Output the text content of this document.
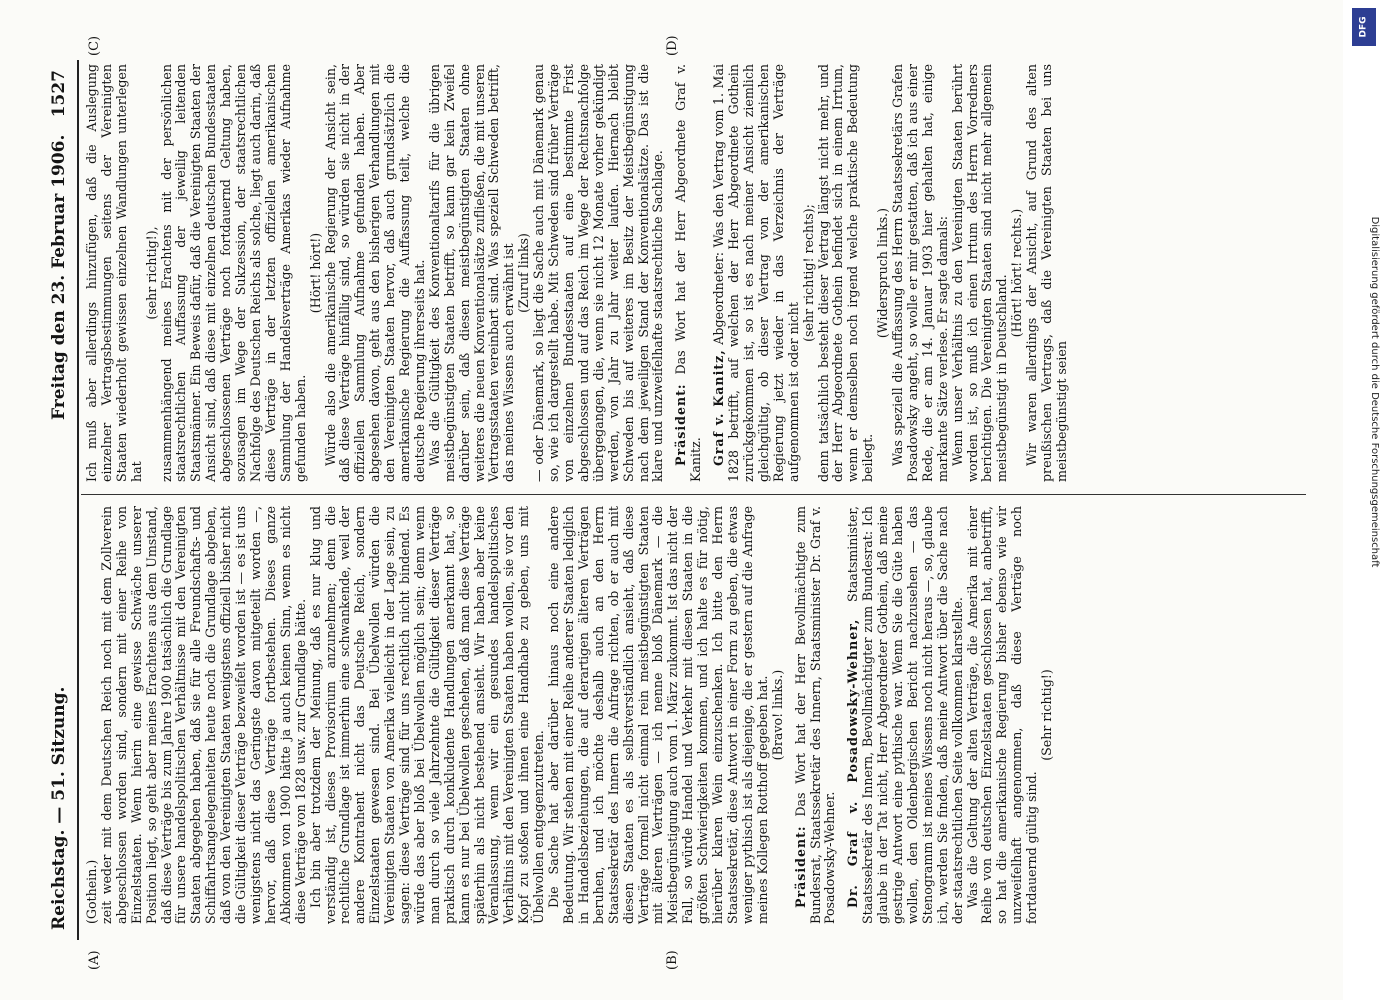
Reichstag. — 51. Sitzung.
Freitag den 23. Februar 1906.
1527
(A)	(B)
(C)	(D)

(Gothein.) zeit weder mit dem Deutschen Reich noch mit dem Zollverein abgeschlossen worden sind, sondern mit einer Reihe von Einzelstaaten. Wenn hierin eine gewisse Schwäche unserer Position liegt, so geht aber meines Erachtens aus dem Umstand, daß diese Verträge bis zum Jahre 1900 tatsächlich die Grundlage für unsere handelspolitischen Verhältnisse mit den Vereinigten Staaten abgegeben haben, daß sie für alle Freundschafts- und Schiffahrtsangelegenheiten heute noch die Grundlage abgeben, daß von den Vereinigten Staaten wenigstens offiziell bisher nicht die Gültigkeit dieser Verträge bezweifelt worden ist — es ist uns wenigstens nicht das Geringste davon mitgeteilt worden —, hervor, daß diese Verträge fortbestehen. Dieses ganze Abkommen von 1900 hätte ja auch keinen Sinn, wenn es nicht diese Verträge von 1828 usw. zur Grundlage hätte. Ich bin aber trotzdem der Meinung, daß es nur klug und verständig ist, dieses Provisorium anzunehmen; denn die rechtliche Grundlage ist immerhin eine schwankende, weil der andere Kontrahent nicht das Deutsche Reich, sondern Einzelstaaten gewesen sind. Bei Übelwollen würden die Vereinigten Staaten von Amerika vielleicht in der Lage sein, zu sagen: diese Verträge sind für uns rechtlich nicht bindend. Es würde das aber bloß bei Übelwollen möglich sein; denn wenn man durch so viele Jahrzehnte die Gültigkeit dieser Verträge praktisch durch konkludente Handlungen anerkannt hat, so kann es nur bei Übelwollen geschehen, daß man diese Verträge späterhin als nicht bestehend ansieht. Wir haben aber keine Veranlassung, wenn wir ein gesundes handelspolitisches Verhältnis mit den Vereinigten Staaten haben wollen, sie vor den Kopf zu stoßen und ihnen eine Handhabe zu geben, uns mit Übelwollen entgegenzutreten. Die Sache hat aber darüber hinaus noch eine andere Bedeutung. Wir stehen mit einer Reihe anderer Staaten lediglich in Handelsbeziehungen, die auf derartigen älteren Verträgen beruhen, und ich möchte deshalb auch an den Herrn Staatssekretär des Innern die Anfrage richten, ob er auch mit diesen Staaten es als selbstverständlich ansieht, daß diese Verträge formell nicht einmal rein meistbegünstigten Staaten mit älteren Verträgen — ich nenne bloß Dänemark — die Meistbegünstigung auch vom 1. März zukommt. Ist das nicht der Fall, so würde Handel und Verkehr mit diesen Staaten in die größten Schwierigkeiten kommen, und ich halte es für nötig, hierüber klaren Wein einzuschenken. Ich bitte den Herrn Staatssekretär, diese Antwort in einer Form zu geben, die etwas weniger pythisch ist als diejenige, die er gestern auf die Anfrage meines Kollegen Rotthoff gegeben hat. (Bravo! links.)

Präsident: Das Wort hat der Herr Bevollmächtigte zum Bundesrat, Staatssekretär des Innern, Staatsminister Dr. Graf v. Posadowsky-Wehner. Dr. Graf v. Posadowsky-Wehner, Staatsminister, Staatssekretär des Innern, Bevollmächtigter zum Bundesrat: Ich glaube in der Tat nicht, Herr Abgeordneter Gothein, daß meine gestrige Antwort eine pythische war. Wenn Sie die Güte haben wollen, den Oldenbergischen Bericht nachzusehen — das Stenogramm ist meines Wissens noch nicht heraus —, so, glaube ich, werden Sie finden, daß meine Antwort über die Sache nach der staatsrechtlichen Seite vollkommen klarstellte. Was die Geltung der alten Verträge, die Amerika mit einer Reihe von deutschen Einzelstaaten geschlossen hat, anbetrifft, so hat die amerikanische Regierung bisher ebenso wie wir unzweifelhaft angenommen, daß diese Verträge noch fortdauernd gültig sind.

(Sehr richtig!)

Ich muß aber allerdings hinzufügen, daß die Auslegung einzelner Vertragsbestimmungen seitens der Vereinigten Staaten wiederholt gewissen einzelnen Wandlungen unterlegen hat

(sehr richtig!), zusammenhängend meines Erachtens mit der persönlichen staatsrechtlichen Auffassung der jeweilig leitenden Staatsmänner. Ein Beweis dafür, daß die Vereinigten Staaten der Ansicht sind, daß diese mit einzelnen deutschen Bundesstaaten abgeschlossenen Verträge noch fortdauernd Geltung haben, sozusagen im Wege der Sukzession, der staatsrechtlichen Nachfolge des Deutschen Reichs als solche, liegt auch darin, daß diese Verträge in der letzten offiziellen amerikanischen Sammlung der Handelsverträge Amerikas wieder Aufnahme gefunden haben.

(Hört! hört!) Würde also die amerikanische Regierung der Ansicht sein, daß diese Verträge hinfällig sind, so würden sie nicht in der offiziellen Sammlung Aufnahme gefunden haben. Aber abgesehen davon, geht aus den bisherigen Verhandlungen mit den Vereinigten Staaten hervor, daß auch grundsätzlich die amerikanische Regierung die Auffassung teilt, welche die deutsche Regierung ihrerseits hat. Was die Gültigkeit des Konventionaltarifs für die übrigen meistbegünstigten Staaten betrifft, so kann gar kein Zweifel darüber sein, daß diesen meistbegünstigten Staaten ohne weiteres die neuen Konventionalsätze zufließen, die mit unseren Vertragsstaaten vereinbart sind. Was speziell Schweden betrifft, das meines Wissens auch erwähnt ist (Zuruf links) — oder Dänemark, so liegt die Sache auch mit Dänemark genau so, wie ich dargestellt habe. Mit Schweden sind früher Verträge von einzelnen Bundesstaaten auf eine bestimmte Frist abgeschlossen und auf das Reich im Wege der Rechtsnachfolge übergegangen, die, wenn sie nicht 12 Monate vorher gekündigt werden, von Jahr zu Jahr weiter laufen. Hiernach bleibt Schweden bis auf weiteres im Besitz der Meistbegünstigung nach dem jeweiligen Stand der Konventionalsätze. Das ist die klare und unzweifelhafte staatsrechtliche Sachlage. Präsident: Das Wort hat der Herr Abgeordnete Graf v. Kanitz. Graf v. Kanitz, Abgeordneter: Was den Vertrag vom 1. Mai 1828 betrifft, auf welchen der Herr Abgeordnete Gothein zurückgekommen ist, so ist es nach meiner Ansicht ziemlich gleichgültig, ob dieser Vertrag von der amerikanischen Regierung jetzt wieder in das Verzeichnis der Verträge aufgenommen ist oder nicht

(sehr richtig! rechts); denn tatsächlich besteht dieser Vertrag längst nicht mehr, und der Herr Abgeordnete Gothein befindet sich in einem Irrtum, wenn er demselben noch irgend welche praktische Bedeutung beilegt.

(Widerspruch links.) Was speziell die Auffassung des Herrn Staatssekretärs Grafen Posadowsky angeht, so wolle er mir gestatten, daß ich aus einer Rede, die er am 14. Januar 1903 hier gehalten hat, einige markante Sätze verlese. Er sagte damals: Wenn unser Verhältnis zu den Vereinigten Staaten berührt worden ist, so muß ich einen Irrtum des Herrn Vorredners berichtigen. Die Vereinigten Staaten sind nicht mehr allgemein meistbegünstigt in Deutschland.

(Hört! hört! rechts.) Wir waren allerdings der Ansicht, auf Grund des alten preußischen Vertrags, daß die Vereinigten Staaten bei uns meistbegünstigt seien

DFG
Digitalisierung gefördert durch die Deutsche Forschungsgemeinschaft
